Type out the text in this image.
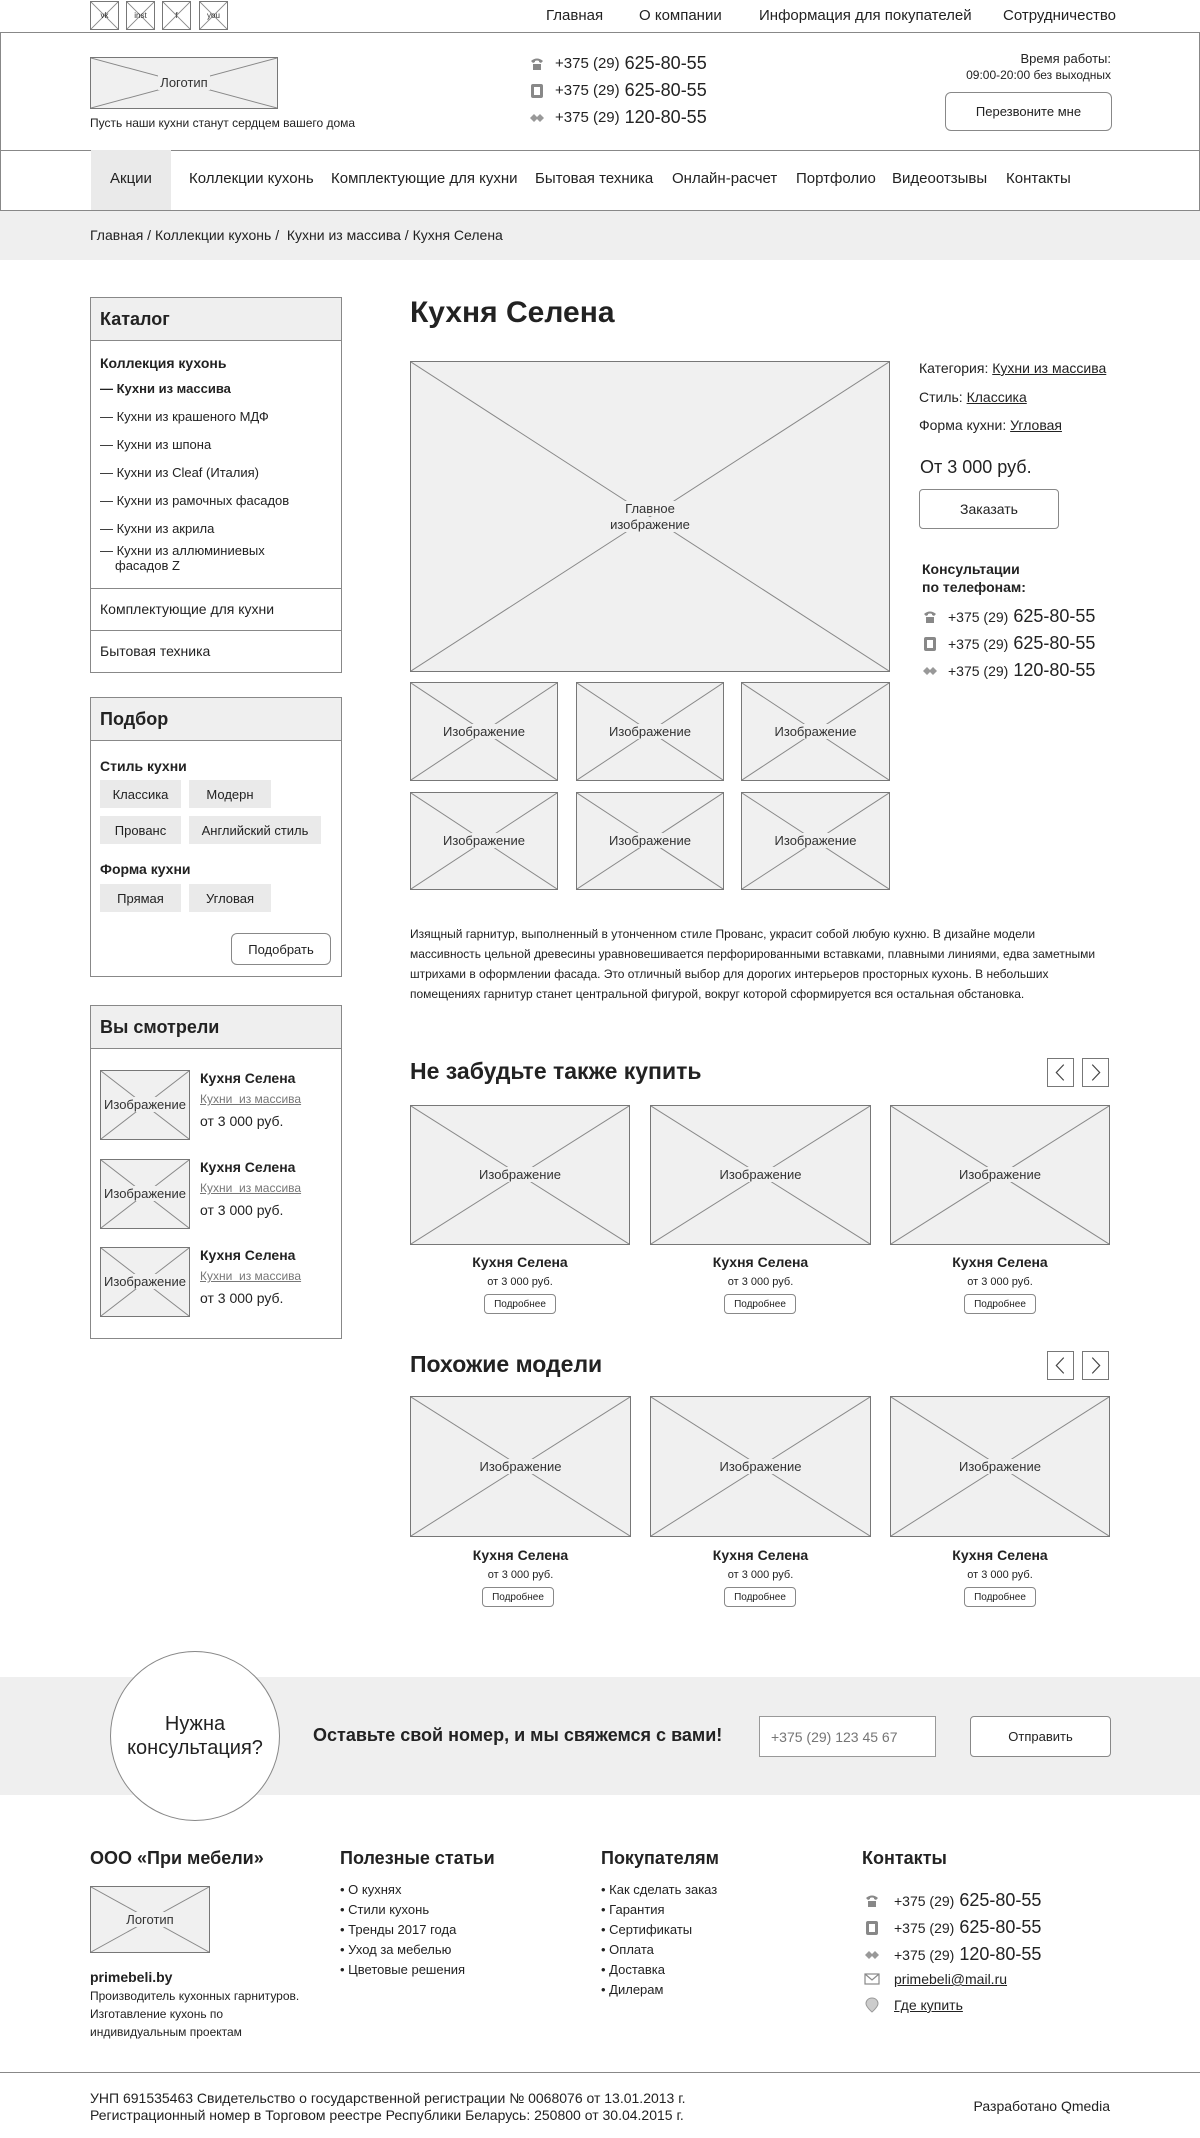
vk	inst	f	you	Главная О компании Информация для покупателей Сотрудничество
Логотип
Пусть наши кухни станут сердцем вашего дома
+375 (29) 625-80-55
+375 (29) 625-80-55
+375 (29) 120-80-55
Время работы:
09:00-20:00 без выходных
Перезвоните мне
Акции Коллекции кухонь Комплектующие для кухни Бытовая техника Онлайн-расчет Портфолио Видеоотзывы Контакты
Главная / Коллекции кухонь /  Кухни из массива / Кухня Селена
Каталог
Коллекция кухонь
— Кухни из массива
— Кухни из крашеного МДФ
— Кухни из шпона
— Кухни из Cleaf (Италия)
— Кухни из рамочных фасадов
— Кухни из акрила
— Кухни из аллюминиевых
фасадов Z
Комплектующие для кухни
Бытовая техника
Подбор
Стиль кухни
Классика	Модерн
Прованс	Английский стиль
Форма кухни
Прямая	Угловая
Подобрать
Вы смотрели
Изображение
Кухня Селена
Кухни  из массива
от 3 000 руб.
Изображение
Кухня Селена
Кухни  из массива
от 3 000 руб.
Изображение
Кухня Селена
Кухни  из массива
от 3 000 руб.
Кухня Селена
Главное
изображение
Изображение	Изображение	Изображение
Изображение	Изображение	Изображение
Категория: Кухни из массива
Стиль: Классика
Форма кухни: Угловая
От 3 000 руб.
Заказать
Консультации
по телефонам:
+375 (29) 625-80-55
+375 (29) 625-80-55
+375 (29) 120-80-55
Изящный гарнитур, выполненный в утонченном стиле Прованс, украсит собой любую кухню. В дизайне модели массивность цельной древесины уравновешивается перфорированными вставками, плавными линиями, едва заметными штрихами в оформлении фасада. Это отличный выбор для дорогих интерьеров просторных кухонь. В небольших помещениях гарнитур станет центральной фигурой, вокруг которой сформируется вся остальная обстановка.
Не забудьте также купить
Изображение
Кухня Селена
от 3 000 руб.
Подробнее
Изображение
Кухня Селена
от 3 000 руб.
Подробнее
Изображение
Кухня Селена
от 3 000 руб.
Подробнее
Похожие модели
Изображение
Кухня Селена
от 3 000 руб.
Подробнее
Изображение
Кухня Селена
от 3 000 руб.
Подробнее
Изображение
Кухня Селена
от 3 000 руб.
Подробнее
Нужна
консультация?
Оставьте свой номер, и мы свяжемся с вами!
+375 (29) 123 45 67	Отправить
ООО «При мебели»
Логотип
primebeli.by
Производитель кухонных гарнитуров.
Изготавление кухонь по
индивидуальным проектам
Полезные статьи
• О кухнях
• Стили кухонь
• Тренды 2017 года
• Уход за мебелью
• Цветовые решения
Покупателям
• Как сделать заказ
• Гарантия
• Сертификаты
• Оплата
• Доставка
• Дилерам
Контакты
+375 (29) 625-80-55
+375 (29) 625-80-55
+375 (29) 120-80-55
primebeli@mail.ru
Где купить
УНП 691535463 Свидетельство о государственной регистрации № 0068076 от 13.01.2013 г.
Регистрационный номер в Торговом реестре Республики Беларусь: 250800 от 30.04.2015 г.
Разработано Qmedia
